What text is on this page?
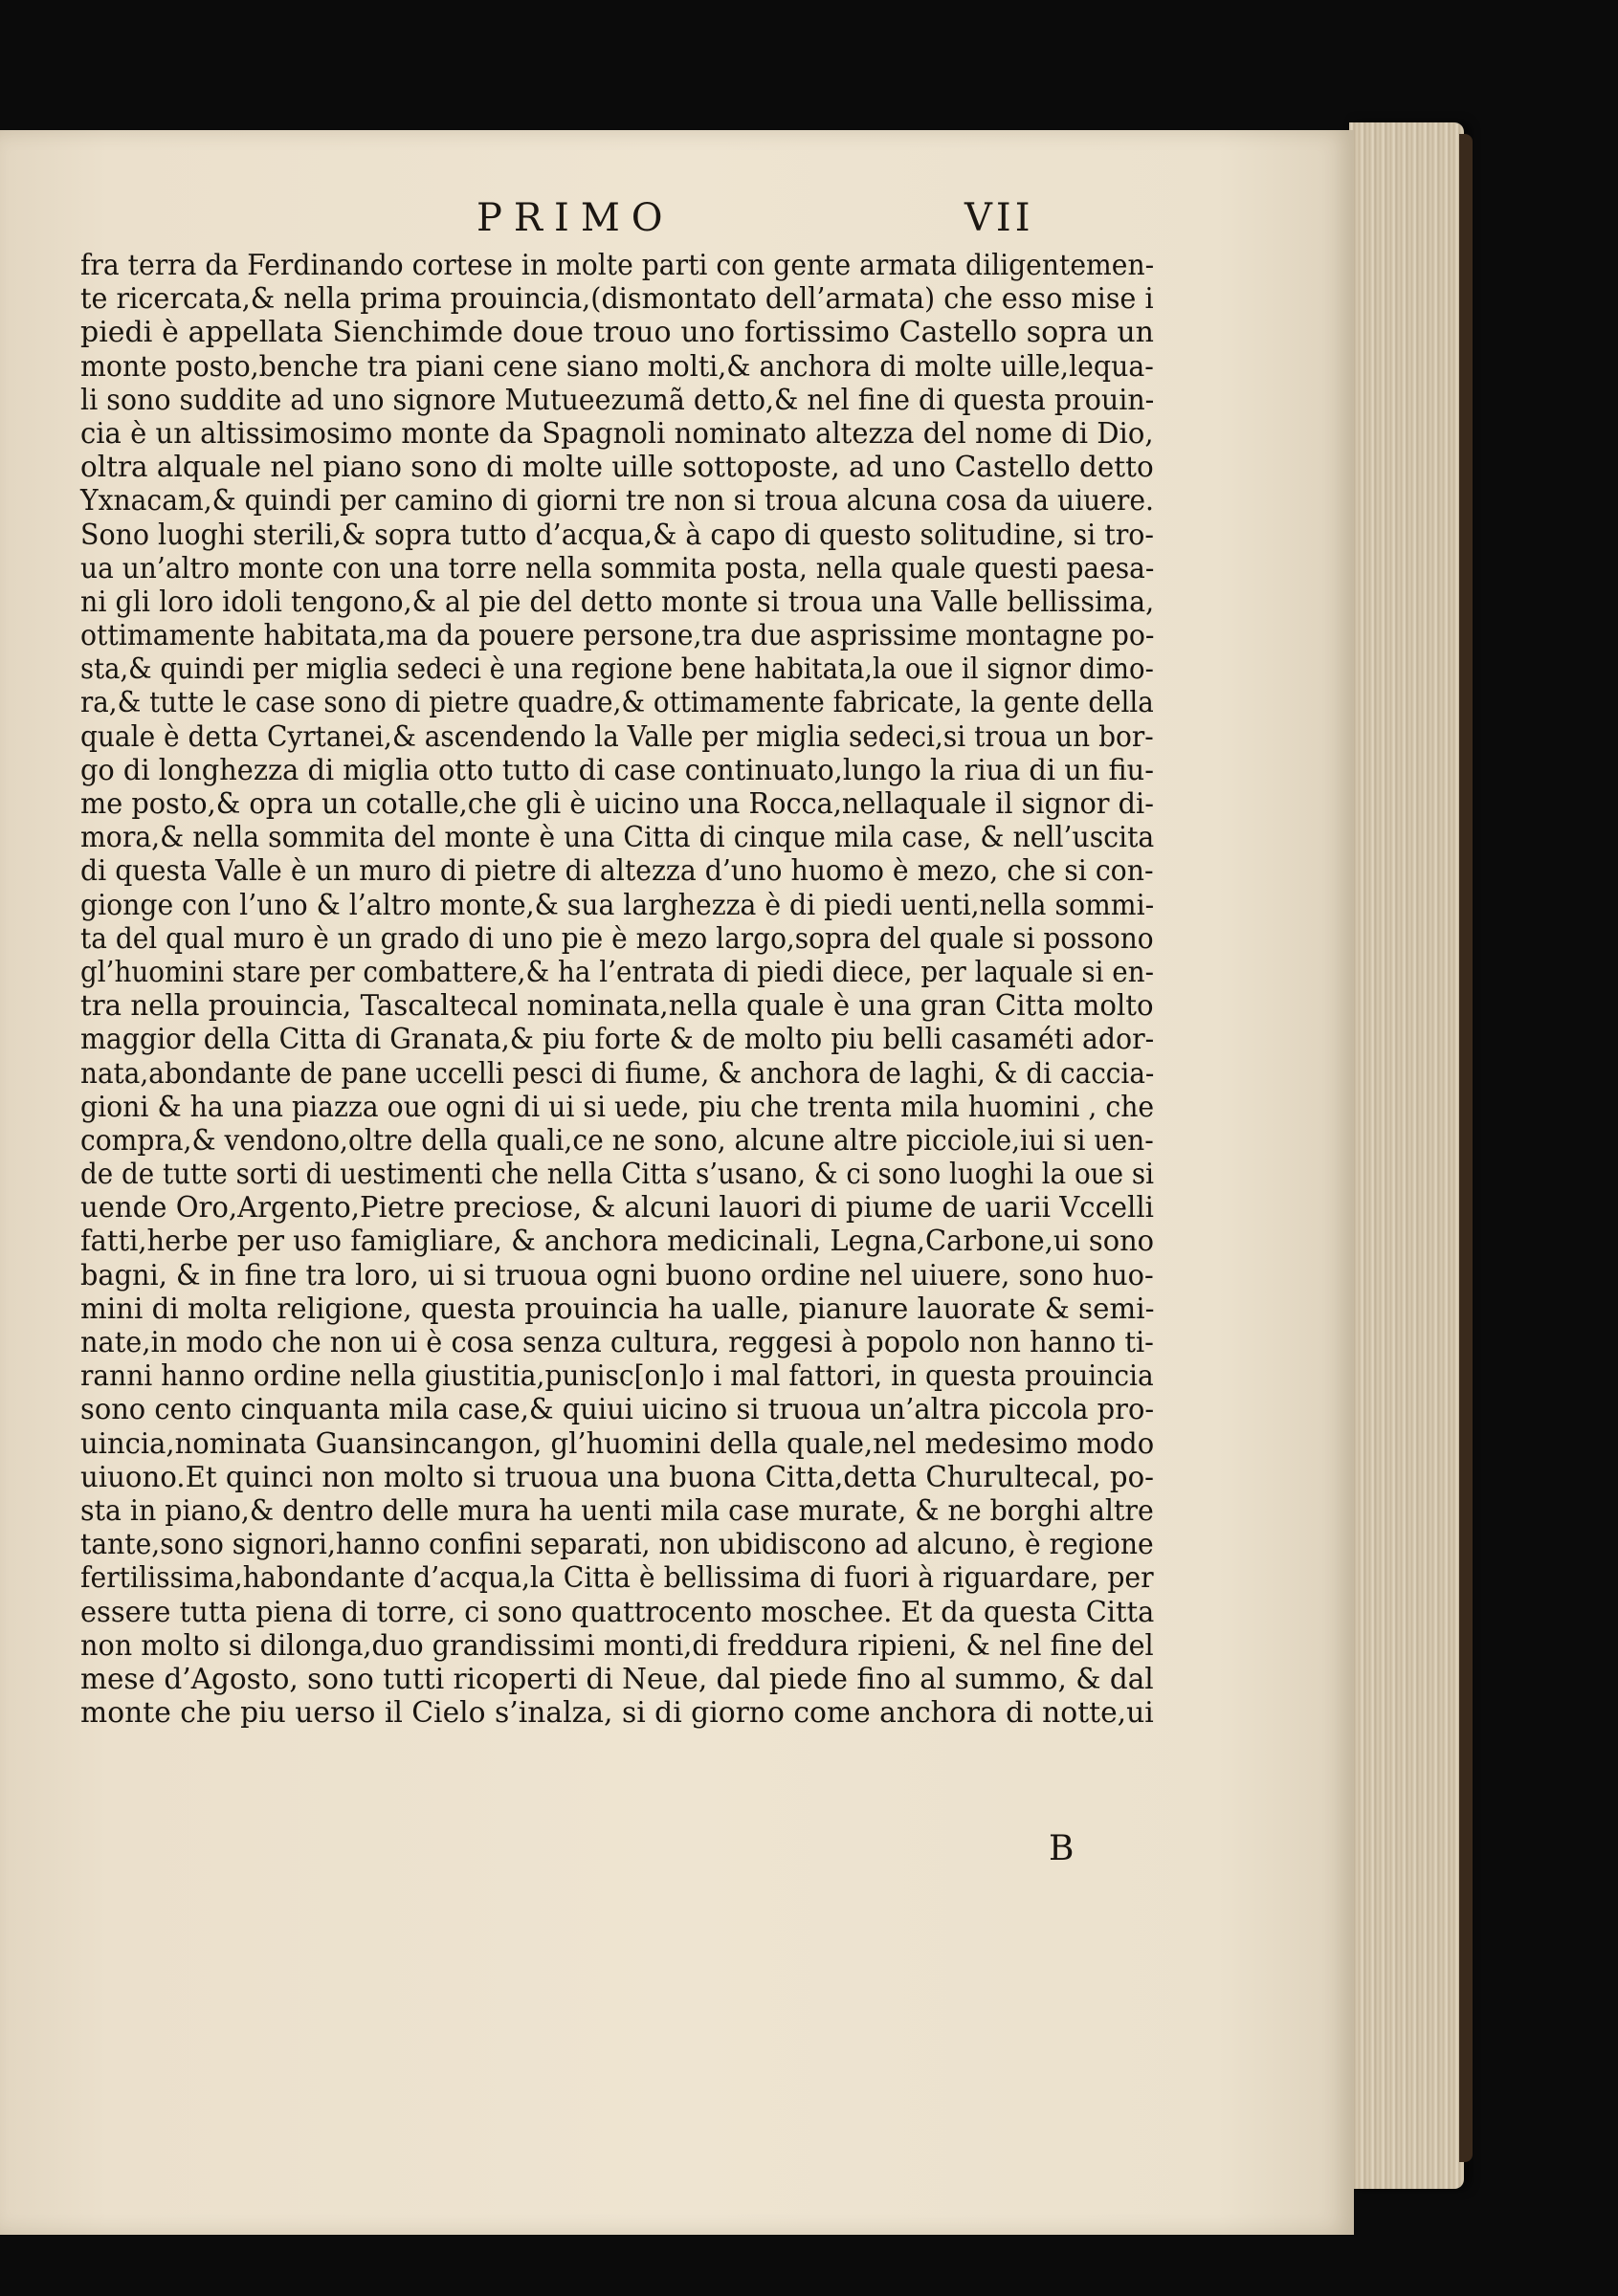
PRIMO	VII
fra terra da Ferdinando cortese in molte parti con gente armata diligentemen-
te ricercata,& nella prima prouincia,(dismontato dell’armata) che esso mise i
piedi è appellata Sienchimde doue trouo uno fortissimo Castello sopra un
monte posto,benche tra piani cene siano molti,& anchora di molte uille,lequa-
li sono suddite ad uno signore Mutueezumã detto,& nel fine di questa prouin-
cia è un altissimosimo monte da Spagnoli nominato altezza del nome di Dio,
oltra alquale nel piano sono di molte uille sottoposte, ad uno Castello detto
Yxnacam,& quindi per camino di giorni tre non si troua alcuna cosa da uiuere.
Sono luoghi sterili,& sopra tutto d’acqua,& à capo di questo solitudine, si tro-
ua un’altro monte con una torre nella sommita posta, nella quale questi paesa-
ni gli loro idoli tengono,& al pie del detto monte si troua una Valle bellissima,
ottimamente habitata,ma da pouere persone,tra due asprissime montagne po-
sta,& quindi per miglia sedeci è una regione bene habitata,la oue il signor dimo-
ra,& tutte le case sono di pietre quadre,& ottimamente fabricate, la gente della
quale è detta Cyrtanei,& ascendendo la Valle per miglia sedeci,si troua un bor-
go di longhezza di miglia otto tutto di case continuato,lungo la riua di un fiu-
me posto,& opra un cotalle,che gli è uicino una Rocca,nellaquale il signor di-
mora,& nella sommita del monte è una Citta di cinque mila case, & nell’uscita
di questa Valle è un muro di pietre di altezza d’uno huomo è mezo, che si con-
gionge con l’uno & l’altro monte,& sua larghezza è di piedi uenti,nella sommi-
ta del qual muro è un grado di uno pie è mezo largo,sopra del quale si possono
gl’huomini stare per combattere,& ha l’entrata di piedi diece, per laquale si en-
tra nella prouincia, Tascaltecal nominata,nella quale è una gran Citta molto
maggior della Citta di Granata,& piu forte & de molto piu belli casaméti ador-
nata,abondante de pane uccelli pesci di fiume, & anchora de laghi, & di caccia-
gioni & ha una piazza oue ogni di ui si uede, piu che trenta mila huomini , che
compra,& vendono,oltre della quali,ce ne sono, alcune altre picciole,iui si uen-
de de tutte sorti di uestimenti che nella Citta s’usano, & ci sono luoghi la oue si
uende Oro,Argento,Pietre preciose, & alcuni lauori di piume de uarii Vccelli
fatti,herbe per uso famigliare, & anchora medicinali, Legna,Carbone,ui sono
bagni, & in fine tra loro, ui si truoua ogni buono ordine nel uiuere, sono huo-
mini di molta religione, questa prouincia ha ualle, pianure lauorate & semi-
nate,in modo che non ui è cosa senza cultura, reggesi à popolo non hanno ti-
ranni hanno ordine nella giustitia,punisc[on]o i mal fattori, in questa prouincia
sono cento cinquanta mila case,& quiui uicino si truoua un’altra piccola pro-
uincia,nominata Guansincangon, gl’huomini della quale,nel medesimo modo
uiuono.Et quinci non molto si truoua una buona Citta,detta Churultecal, po-
sta in piano,& dentro delle mura ha uenti mila case murate, & ne borghi altre
tante,sono signori,hanno confini separati, non ubidiscono ad alcuno, è regione
fertilissima,habondante d’acqua,la Citta è bellissima di fuori à riguardare, per
essere tutta piena di torre, ci sono quattrocento moschee. Et da questa Citta
non molto si dilonga,duo grandissimi monti,di freddura ripieni, & nel fine del
mese d’Agosto, sono tutti ricoperti di Neue, dal piede fino al summo, & dal
monte che piu uerso il Cielo s’inalza, si di giorno come anchora di notte,ui
B
